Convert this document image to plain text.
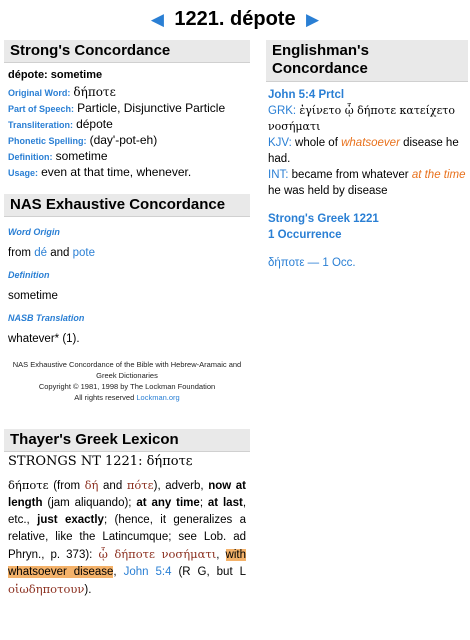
◀ 1221. dépote ▶
Strong's Concordance
dépote: sometime
Original Word: δήποτε
Part of Speech: Particle, Disjunctive Particle
Transliteration: dépote
Phonetic Spelling: (day'-pot-eh)
Definition: sometime
Usage: even at that time, whenever.
NAS Exhaustive Concordance
Word Origin
from dé and pote
Definition
sometime
NASB Translation
whatever* (1).
NAS Exhaustive Concordance of the Bible with Hebrew-Aramaic and
Greek Dictionaries
Copyright © 1981, 1998 by The Lockman Foundation
All rights reserved Lockman.org
Thayer's Greek Lexicon
STRONGS NT 1221: δήποτε
δήποτε (from δή and πότε), adverb, now at length (jam aliquando); at any time; at last, etc., just exactly; (hence, it generalizes a relative, like the Latincumque; see Lob. ad Phryn., p. 373): ᾧ δήποτε νοσήματι, with whatsoever disease, John 5:4 (R G, but L οἱωδηποτουν).
Englishman's Concordance
John 5:4 Prtcl
GRK: ἐγίνετο ᾧ δήποτε κατείχετο νοσήματι
KJV: whole of whatsoever disease he had.
INT: became from whatever at the time he was held by disease
Strong's Greek 1221
1 Occurrence
δήποτε — 1 Occ.
